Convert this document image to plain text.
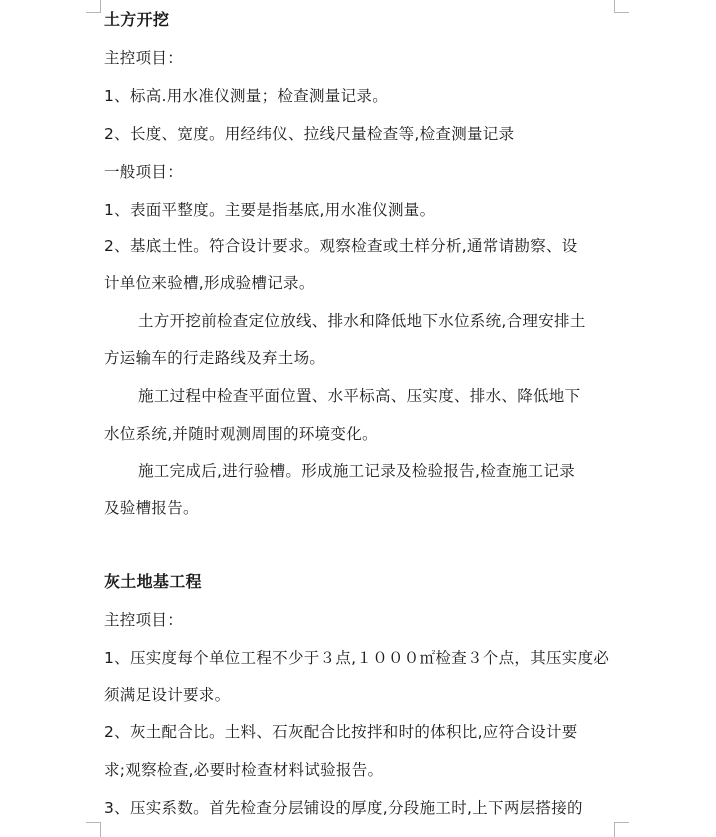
土方开挖
主控项目：
1、标高.用水准仪测量；检查测量记录。
2、长度、宽度。用经纬仪、拉线尺量检查等,检查测量记录
一般项目：
1、表面平整度。主要是指基底,用水准仪测量。
2、基底土性。符合设计要求。观察检查或土样分析,通常请勘察、设
计单位来验槽,形成验槽记录。
土方开挖前检查定位放线、排水和降低地下水位系统,合理安排土
方运输车的行走路线及弃土场。
施工过程中检查平面位置、水平标高、压实度、排水、降低地下
水位系统,并随时观测周围的环境变化。
施工完成后,进行验槽。形成施工记录及检验报告,检查施工记录
及验槽报告。
灰土地基工程
主控项目：
1、压实度每个单位工程不少于３点,１０００㎡检查３个点，其压实度必
须满足设计要求。
2、灰土配合比。土料、石灰配合比按拌和时的体积比,应符合设计要
求;观察检查,必要时检查材料试验报告。
3、压实系数。首先检查分层铺设的厚度,分段施工时,上下两层搭接的
